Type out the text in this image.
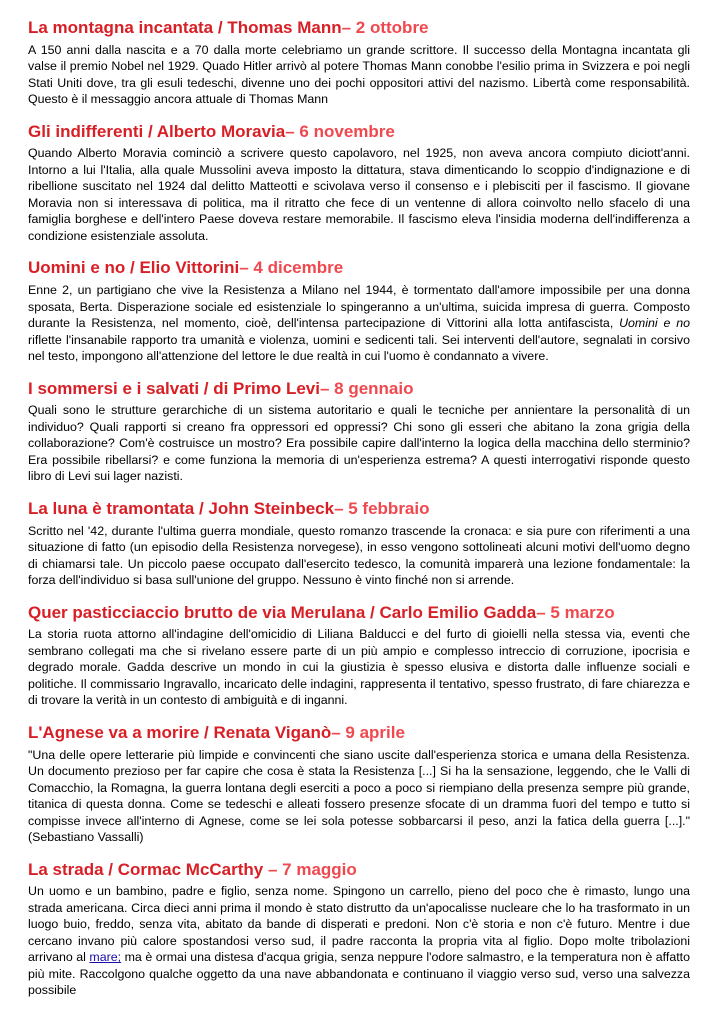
La montagna incantata / Thomas Mann– 2 ottobre

A 150 anni dalla nascita e a 70 dalla morte celebriamo un grande scrittore. Il successo della Montagna incantata gli valse il premio Nobel nel 1929. Quado Hitler arrivò al potere Thomas Mann conobbe l'esilio prima in Svizzera e poi negli Stati Uniti dove, tra gli esuli tedeschi, divenne uno dei pochi oppositori attivi del nazismo. Libertà come responsabilità. Questo è il messaggio ancora attuale di Thomas Mann

Gli indifferenti / Alberto Moravia– 6 novembre

Quando Alberto Moravia cominciò a scrivere questo capolavoro, nel 1925, non aveva ancora compiuto diciott'anni. Intorno a lui l'Italia, alla quale Mussolini aveva imposto la dittatura, stava dimenticando lo scoppio d'indignazione e di ribellione suscitato nel 1924 dal delitto Matteotti e scivolava verso il consenso e i plebisciti per il fascismo. Il giovane Moravia non si interessava di politica, ma il ritratto che fece di un ventenne di allora coinvolto nello sfacelo di una famiglia borghese e dell'intero Paese doveva restare memorabile. Il fascismo eleva l'insidia moderna dell'indifferenza a condizione esistenziale assoluta.

Uomini e no / Elio Vittorini– 4 dicembre

Enne 2, un partigiano che vive la Resistenza a Milano nel 1944, è tormentato dall'amore impossibile per una donna sposata, Berta. Disperazione sociale ed esistenziale lo spingeranno a un'ultima, suicida impresa di guerra. Composto durante la Resistenza, nel momento, cioè, dell'intensa partecipazione di Vittorini alla lotta antifascista, Uomini e no riflette l'insanabile rapporto tra umanità e violenza, uomini e sedicenti tali. Sei interventi dell'autore, segnalati in corsivo nel testo, impongono all'attenzione del lettore le due realtà in cui l'uomo è condannato a vivere.

I sommersi e i salvati / di Primo Levi– 8 gennaio

Quali sono le strutture gerarchiche di un sistema autoritario e quali le tecniche per annientare la personalità di un individuo? Quali rapporti si creano fra oppressori ed oppressi? Chi sono gli esseri che abitano la zona grigia della collaborazione? Com'è costruisce un mostro? Era possibile capire dall'interno la logica della macchina dello sterminio? Era possibile ribellarsi? e come funziona la memoria di un'esperienza estrema? A questi interrogativi risponde questo libro di Levi sui lager nazisti.

La luna è tramontata / John Steinbeck– 5 febbraio

Scritto nel '42, durante l'ultima guerra mondiale, questo romanzo trascende la cronaca: e sia pure con riferimenti a una situazione di fatto (un episodio della Resistenza norvegese), in esso vengono sottolineati alcuni motivi dell'uomo degno di chiamarsi tale. Un piccolo paese occupato dall'esercito tedesco, la comunità imparerà una lezione fondamentale: la forza dell'individuo si basa sull'unione del gruppo. Nessuno è vinto finché non si arrende.

Quer pasticciaccio brutto de via Merulana / Carlo Emilio Gadda– 5 marzo

La storia ruota attorno all'indagine dell'omicidio di Liliana Balducci e del furto di gioielli nella stessa via, eventi che sembrano collegati ma che si rivelano essere parte di un più ampio e complesso intreccio di corruzione, ipocrisia e degrado morale. Gadda descrive un mondo in cui la giustizia è spesso elusiva e distorta dalle influenze sociali e politiche. Il commissario Ingravallo, incaricato delle indagini, rappresenta il tentativo, spesso frustrato, di fare chiarezza e di trovare la verità in un contesto di ambiguità e di inganni.

L'Agnese va a morire / Renata Viganò– 9 aprile

"Una delle opere letterarie più limpide e convincenti che siano uscite dall'esperienza storica e umana della Resistenza. Un documento prezioso per far capire che cosa è stata la Resistenza [...] Si ha la sensazione, leggendo, che le Valli di Comacchio, la Romagna, la guerra lontana degli eserciti a poco a poco si riempiano della presenza sempre più grande, titanica di questa donna. Come se tedeschi e alleati fossero presenze sfocate di un dramma fuori del tempo e tutto si compisse invece all'interno di Agnese, come se lei sola potesse sobbarcarsi il peso, anzi la fatica della guerra [...]." (Sebastiano Vassalli)

La strada / Cormac McCarthy – 7 maggio

Un uomo e un bambino, padre e figlio, senza nome. Spingono un carrello, pieno del poco che è rimasto, lungo una strada americana. Circa dieci anni prima il mondo è stato distrutto da un'apocalisse nucleare che lo ha trasformato in un luogo buio, freddo, senza vita, abitato da bande di disperati e predoni. Non c'è storia e non c'è futuro. Mentre i due cercano invano più calore spostandosi verso sud, il padre racconta la propria vita al figlio. Dopo molte tribolazioni arrivano al mare; ma è ormai una distesa d'acqua grigia, senza neppure l'odore salmastro, e la temperatura non è affatto più mite. Raccolgono qualche oggetto da una nave abbandonata e continuano il viaggio verso sud, verso una salvezza possibile
